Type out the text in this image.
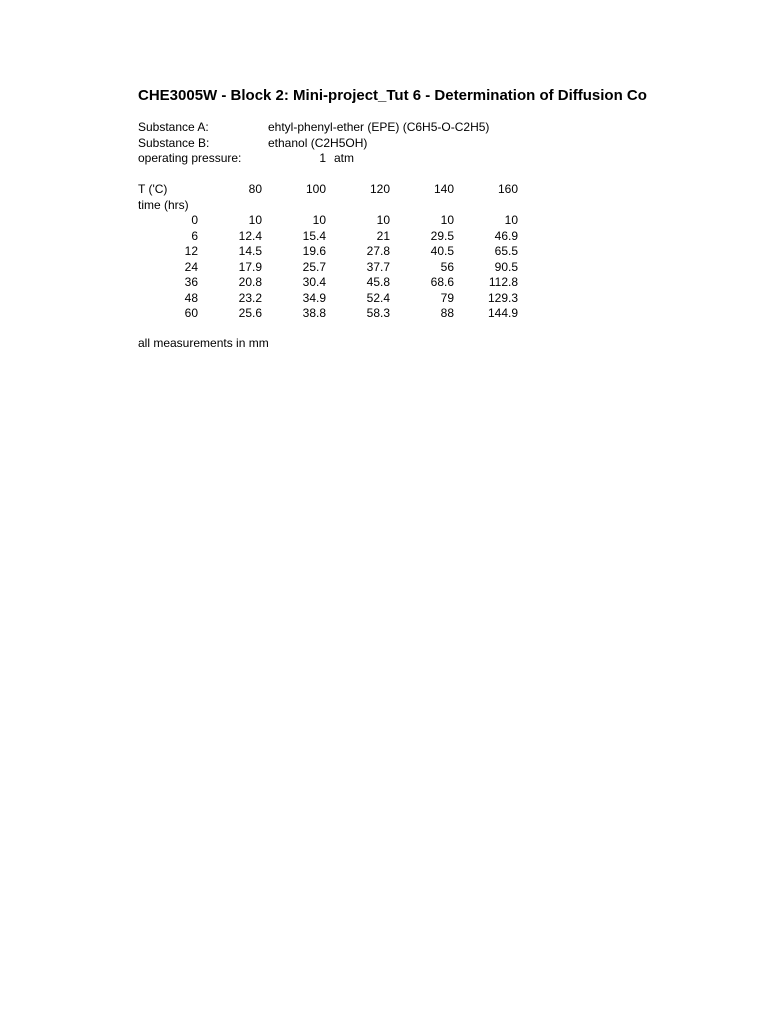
CHE3005W - Block 2: Mini-project_Tut 6 - Determination of Diffusion Co
Substance A:	ehtyl-phenyl-ether (EPE) (C6H5-O-C2H5)
Substance B:	ethanol (C2H5OH)
operating pressure:	1 atm
T ('C)	80	100	120	140	160
time (hrs)					
0	10	10	10	10	10
6	12.4	15.4	21	29.5	46.9
12	14.5	19.6	27.8	40.5	65.5
24	17.9	25.7	37.7	56	90.5
36	20.8	30.4	45.8	68.6	112.8
48	23.2	34.9	52.4	79	129.3
60	25.6	38.8	58.3	88	144.9
all measurements in mm
